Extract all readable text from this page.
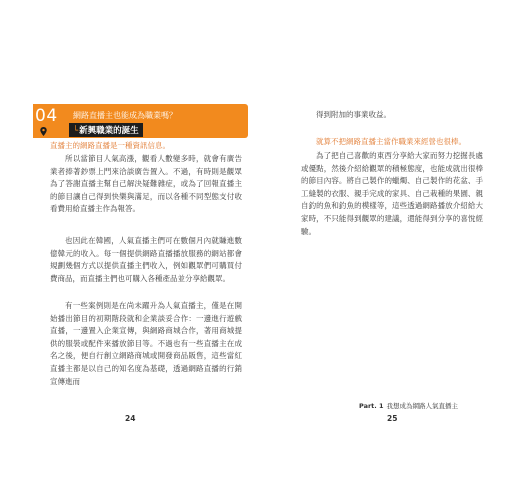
04 網路直播主也能成為職業嗎？
└新興職業的誕生

直播主的網路直播是一種資訊信息。

所以當節目人氣高漲，觀看人數變多時，就會有廣告業者捧著鈔票上門來洽談廣告置入。不過，有時則是觀眾為了答謝直播主幫自己解決疑難雜症，或為了回報直播主的節目讓自己得到快樂與滿足，而以各種不同型態支付收看費用給直播主作為報答。

也因此在韓國，人氣直播主們可在數個月內就賺進數億韓元的收入。每一個提供網路直播播放服務的網站都會規劃幾個方式以提供直播主們收入，例如觀眾們可購買付費商品，而直播主們也可購入各種產品並分享給觀眾。

有一些案例則是在尚未躍升為人氣直播主，僅是在開始播出節目的初期階段就和企業談妥合作：一邊進行遊戲直播，一邊置入企業宣傳，與網路商城合作，著用商城提供的服裝或配件來播放節目等。不過也有一些直播主在成名之後，便自行創立網路商城或開發商品販售，這些當紅直播主都是以自己的知名度為基礎，透過網路直播的行銷宣傳進而

24

得到附加的事業收益。

就算不把網路直播主當作職業來經營也很棒。

為了把自己喜歡的東西分享給大家而努力挖掘長處或優點，然後介紹給觀眾的積極態度，也能成就出很棒的節目內容。將自己製作的蠟燭、自己製作的花盆、手工縫製的衣服、親手完成的家具、自己栽種的果園、親自釣的魚和釣魚的模樣等，這些透過網路播放介紹給大家時，不只能得到觀眾的建議，還能得到分享的喜悅經驗。

Part. 1 我想成為網路人氣直播主
25
